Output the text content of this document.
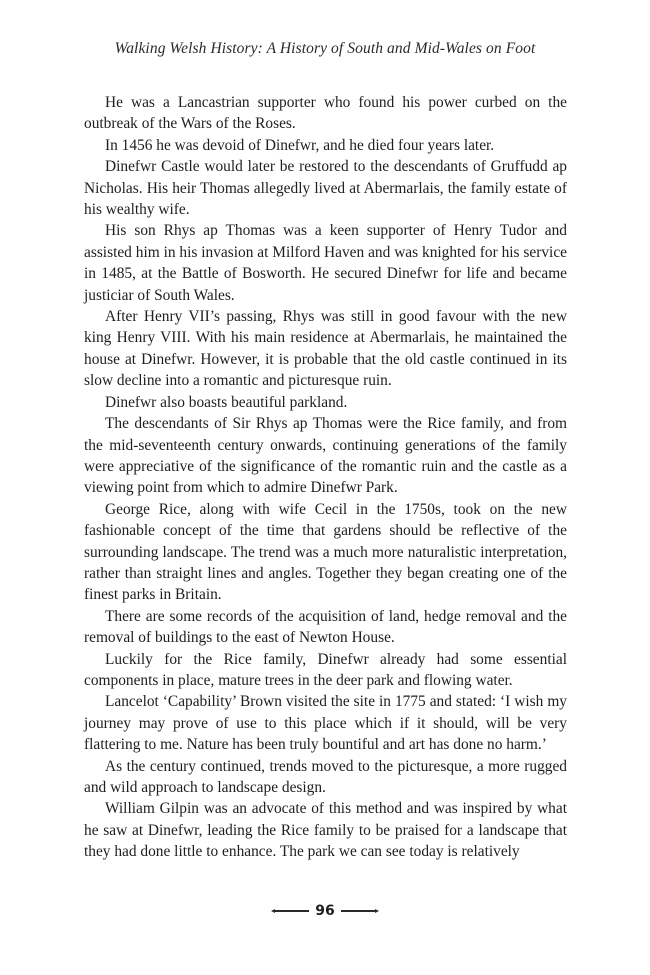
Walking Welsh History: A History of South and Mid-Wales on Foot

He was a Lancastrian supporter who found his power curbed on the outbreak of the Wars of the Roses.

In 1456 he was devoid of Dinefwr, and he died four years later.

Dinefwr Castle would later be restored to the descendants of Gruffudd ap Nicholas. His heir Thomas allegedly lived at Abermarlais, the family estate of his wealthy wife.

His son Rhys ap Thomas was a keen supporter of Henry Tudor and assisted him in his invasion at Milford Haven and was knighted for his service in 1485, at the Battle of Bosworth. He secured Dinefwr for life and became justiciar of South Wales.

After Henry VII’s passing, Rhys was still in good favour with the new king Henry VIII. With his main residence at Abermarlais, he maintained the house at Dinefwr. However, it is probable that the old castle continued in its slow decline into a romantic and picturesque ruin.

Dinefwr also boasts beautiful parkland.

The descendants of Sir Rhys ap Thomas were the Rice family, and from the mid-seventeenth century onwards, continuing generations of the family were appreciative of the significance of the romantic ruin and the castle as a viewing point from which to admire Dinefwr Park.

George Rice, along with wife Cecil in the 1750s, took on the new fashionable concept of the time that gardens should be reflective of the surrounding landscape. The trend was a much more naturalistic interpretation, rather than straight lines and angles. Together they began creating one of the finest parks in Britain.

There are some records of the acquisition of land, hedge removal and the removal of buildings to the east of Newton House.

Luckily for the Rice family, Dinefwr already had some essential components in place, mature trees in the deer park and flowing water.

Lancelot ‘Capability’ Brown visited the site in 1775 and stated: ‘I wish my journey may prove of use to this place which if it should, will be very flattering to me. Nature has been truly bountiful and art has done no harm.’

As the century continued, trends moved to the picturesque, a more rugged and wild approach to landscape design.

William Gilpin was an advocate of this method and was inspired by what he saw at Dinefwr, leading the Rice family to be praised for a landscape that they had done little to enhance. The park we can see today is relatively

96
